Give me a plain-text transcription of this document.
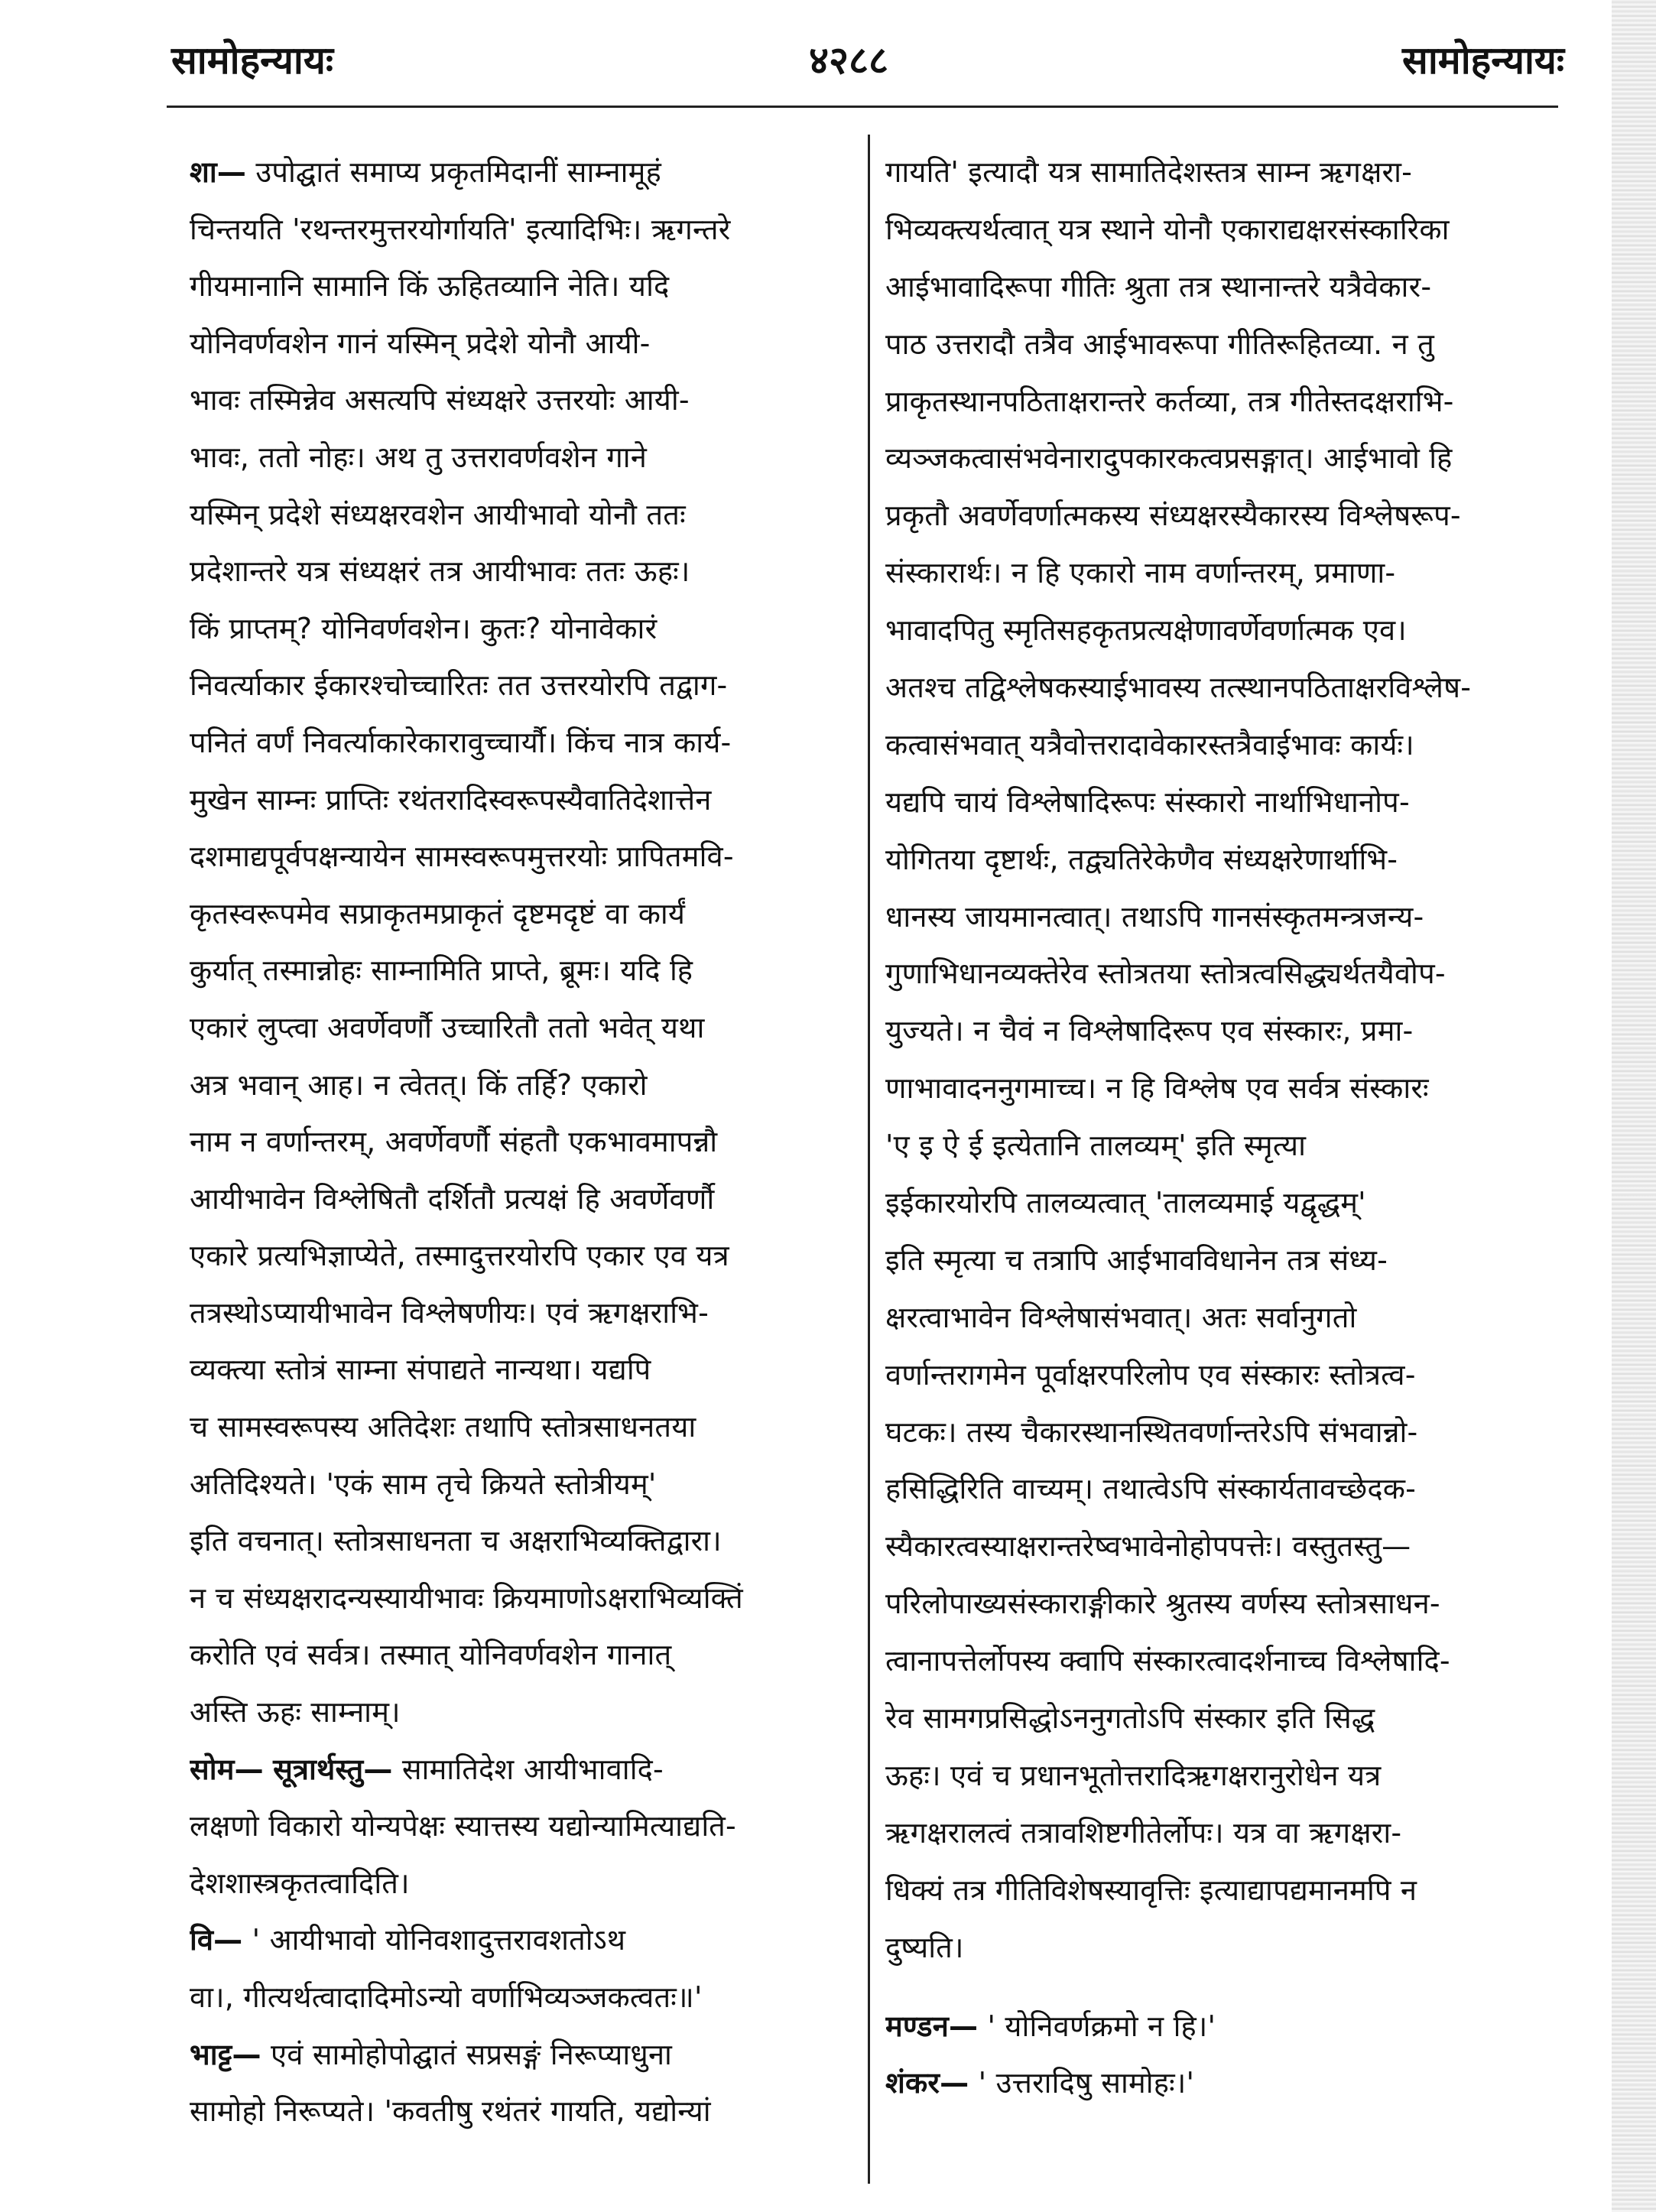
सामोहन्यायः	४२८८	सामोहन्यायः
शा— उपोद्घातं समाप्य प्रकृतमिदानीं साम्नामूहं
चिन्तयति 'रथन्तरमुत्तरयोर्गायति' इत्यादिभिः। ऋगन्तरे
गीयमानानि सामानि किं ऊहितव्यानि नेति। यदि
योनिवर्णवशेन गानं यस्मिन् प्रदेशे योनौ आयी-
भावः तस्मिन्नेव असत्यपि संध्यक्षरे उत्तरयोः आयी-
भावः, ततो नोहः। अथ तु उत्तरावर्णवशेन गाने
यस्मिन् प्रदेशे संध्यक्षरवशेन आयीभावो योनौ ततः
प्रदेशान्तरे यत्र संध्यक्षरं तत्र आयीभावः ततः ऊहः।
किं प्राप्तम्? योनिवर्णवशेन। कुतः? योनावेकारं
निवर्त्याकार ईकारश्चोच्चारितः तत उत्तरयोरपि तद्वाग-
पनितं वर्णं निवर्त्याकारेकारावुच्चार्यौ। किंच नात्र कार्य-
मुखेन साम्नः प्राप्तिः रथंतरादिस्वरूपस्यैवातिदेशात्तेन
दशमाद्यपूर्वपक्षन्यायेन सामस्वरूपमुत्तरयोः प्रापितमवि-
कृतस्वरूपमेव सप्राकृतमप्राकृतं दृष्टमदृष्टं वा कार्यं
कुर्यात् तस्मान्नोहः साम्नामिति प्राप्ते, ब्रूमः। यदि हि
एकारं लुप्त्वा अवर्णेवर्णौ उच्चारितौ ततो भवेत् यथा
अत्र भवान् आह। न त्वेतत्। किं तर्हि? एकारो
नाम न वर्णान्तरम्, अवर्णेवर्णौ संहतौ एकभावमापन्नौ
आयीभावेन विश्लेषितौ दर्शितौ प्रत्यक्षं हि अवर्णेवर्णौ
एकारे प्रत्यभिज्ञाप्येते, तस्मादुत्तरयोरपि एकार एव यत्र
तत्रस्थोऽप्यायीभावेन विश्लेषणीयः। एवं ऋगक्षराभि-
व्यक्त्या स्तोत्रं साम्ना संपाद्यते नान्यथा। यद्यपि
च सामस्वरूपस्य अतिदेशः तथापि स्तोत्रसाधनतया
अतिदिश्यते। 'एकं साम तृचे क्रियते स्तोत्रीयम्'
इति वचनात्। स्तोत्रसाधनता च अक्षराभिव्यक्तिद्वारा।
न च संध्यक्षरादन्यस्यायीभावः क्रियमाणोऽक्षराभिव्यक्तिं
करोति एवं सर्वत्र। तस्मात् योनिवर्णवशेन गानात्
अस्ति ऊहः साम्नाम्।
सोम— सूत्रार्थस्तु— सामातिदेश आयीभावादि-
लक्षणो विकारो योन्यपेक्षः स्यात्तस्य यद्योन्यामित्याद्यति-
देशशास्त्रकृतत्वादिति।
वि— ' आयीभावो योनिवशादुत्तरावशतोऽथ
वा।, गीत्यर्थत्वादादिमोऽन्यो वर्णाभिव्यञ्जकत्वतः॥'
भाट्ट— एवं सामोहोपोद्घातं सप्रसङ्गं निरूप्याधुना
सामोहो निरूप्यते। 'कवतीषु रथंतरं गायति, यद्योन्यां
गायति' इत्यादौ यत्र सामातिदेशस्तत्र साम्न ऋगक्षरा-
भिव्यक्त्यर्थत्वात् यत्र स्थाने योनौ एकाराद्यक्षरसंस्कारिका
आईभावादिरूपा गीतिः श्रुता तत्र स्थानान्तरे यत्रैवेकार-
पाठ उत्तरादौ तत्रैव आईभावरूपा गीतिरूहितव्या. न तु
प्राकृतस्थानपठिताक्षरान्तरे कर्तव्या, तत्र गीतेस्तदक्षराभि-
व्यञ्जकत्वासंभवेनारादुपकारकत्वप्रसङ्गात्। आईभावो हि
प्रकृतौ अवर्णेवर्णात्मकस्य संध्यक्षरस्यैकारस्य विश्लेषरूप-
संस्कारार्थः। न हि एकारो नाम वर्णान्तरम्, प्रमाणा-
भावादपितु स्मृतिसहकृतप्रत्यक्षेणावर्णेवर्णात्मक एव।
अतश्च तद्विश्लेषकस्याईभावस्य तत्स्थानपठिताक्षरविश्लेष-
कत्वासंभवात् यत्रैवोत्तरादावेकारस्तत्रैवाईभावः कार्यः।
यद्यपि चायं विश्लेषादिरूपः संस्कारो नार्थाभिधानोप-
योगितया दृष्टार्थः, तद्व्यतिरेकेणैव संध्यक्षरेणार्थाभि-
धानस्य जायमानत्वात्। तथाऽपि गानसंस्कृतमन्त्रजन्य-
गुणाभिधानव्यक्तेरेव स्तोत्रतया स्तोत्रत्वसिद्ध्यर्थतयैवोप-
युज्यते। न चैवं न विश्लेषादिरूप एव संस्कारः, प्रमा-
णाभावादननुगमाच्च। न हि विश्लेष एव सर्वत्र संस्कारः
'ए इ ऐ ई इत्येतानि तालव्यम्' इति स्मृत्या
इईकारयोरपि तालव्यत्वात् 'तालव्यमाई यद्वृद्धम्'
इति स्मृत्या च तत्रापि आईभावविधानेन तत्र संध्य-
क्षरत्वाभावेन विश्लेषासंभवात्। अतः सर्वानुगतो
वर्णान्तरागमेन पूर्वाक्षरपरिलोप एव संस्कारः स्तोत्रत्व-
घटकः। तस्य चैकारस्थानस्थितवर्णान्तरेऽपि संभवान्नो-
हसिद्धिरिति वाच्यम्। तथात्वेऽपि संस्कार्यतावच्छेदक-
स्यैकारत्वस्याक्षरान्तरेष्वभावेनोहोपपत्तेः। वस्तुतस्तु—
परिलोपाख्यसंस्काराङ्गीकारे श्रुतस्य वर्णस्य स्तोत्रसाधन-
त्वानापत्तेर्लोपस्य क्वापि संस्कारत्वादर्शनाच्च विश्लेषादि-
रेव सामगप्रसिद्धोऽननुगतोऽपि संस्कार इति सिद्ध
ऊहः। एवं च प्रधानभूतोत्तरादिऋगक्षरानुरोधेन यत्र
ऋगक्षरालत्वं तत्रावशिष्टगीतेर्लोपः। यत्र वा ऋगक्षरा-
धिक्यं तत्र गीतिविशेषस्यावृत्तिः इत्याद्यापद्यमानमपि न
दुष्यति।
मण्डन— ' योनिवर्णक्रमो न हि।'
शंकर— ' उत्तरादिषु सामोहः।'
